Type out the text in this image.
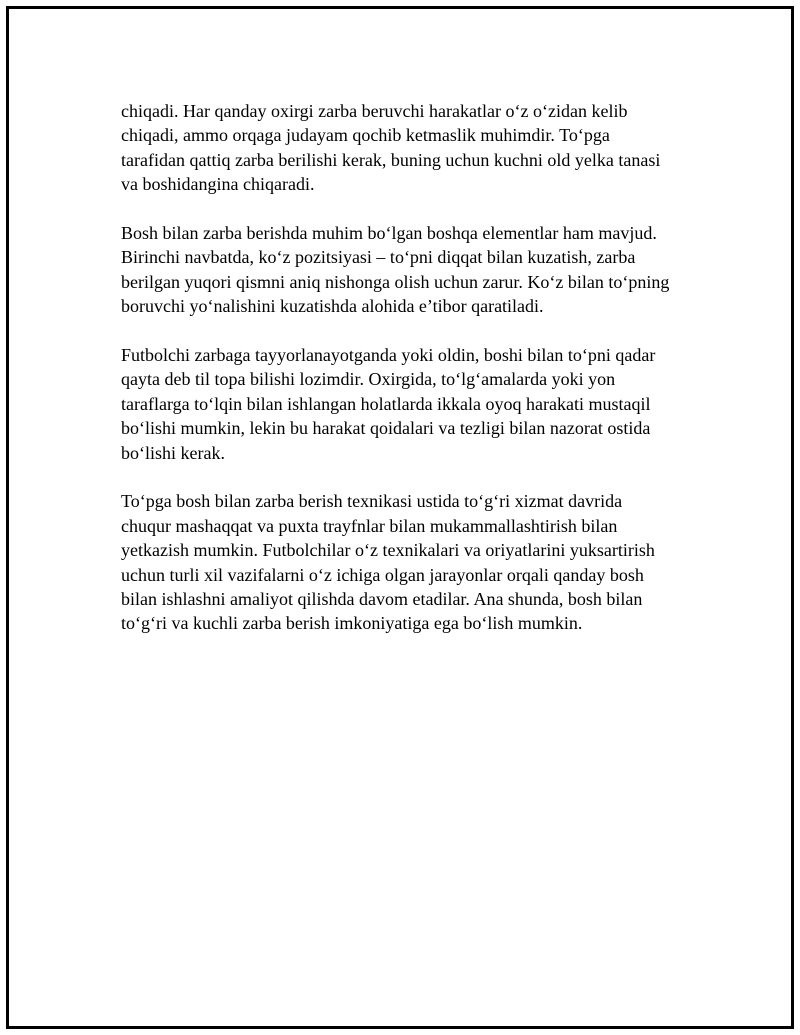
chiqadi. Har qanday oxirgi zarba beruvchi harakatlar o‘z o‘zidan kelib
chiqadi, ammo orqaga judayam qochib ketmaslik muhimdir. To‘pga
tarafidan qattiq zarba berilishi kerak, buning uchun kuchni old yelka tanasi
va boshidangina chiqaradi.

Bosh bilan zarba berishda muhim bo‘lgan boshqa elementlar ham mavjud.
Birinchi navbatda, ko‘z pozitsiyasi – to‘pni diqqat bilan kuzatish, zarba
berilgan yuqori qismni aniq nishonga olish uchun zarur. Ko‘z bilan to‘pning
boruvchi yo‘nalishini kuzatishda alohida e’tibor qaratiladi.

Futbolchi zarbaga tayyorlanayotganda yoki oldin, boshi bilan to‘pni qadar
qayta deb til topa bilishi lozimdir. Oxirgida, to‘lg‘amalarda yoki yon
taraflarga to‘lqin bilan ishlangan holatlarda ikkala oyoq harakati mustaqil
bo‘lishi mumkin, lekin bu harakat qoidalari va tezligi bilan nazorat ostida
bo‘lishi kerak.

To‘pga bosh bilan zarba berish texnikasi ustida to‘g‘ri xizmat davrida
chuqur mashaqqat va puxta trayfnlar bilan mukammallashtirish bilan
yetkazish mumkin. Futbolchilar o‘z texnikalari va oriyatlarini yuksartirish
uchun turli xil vazifalarni o‘z ichiga olgan jarayonlar orqali qanday bosh
bilan ishlashni amaliyot qilishda davom etadilar. Ana shunda, bosh bilan
to‘g‘ri va kuchli zarba berish imkoniyatiga ega bo‘lish mumkin.
